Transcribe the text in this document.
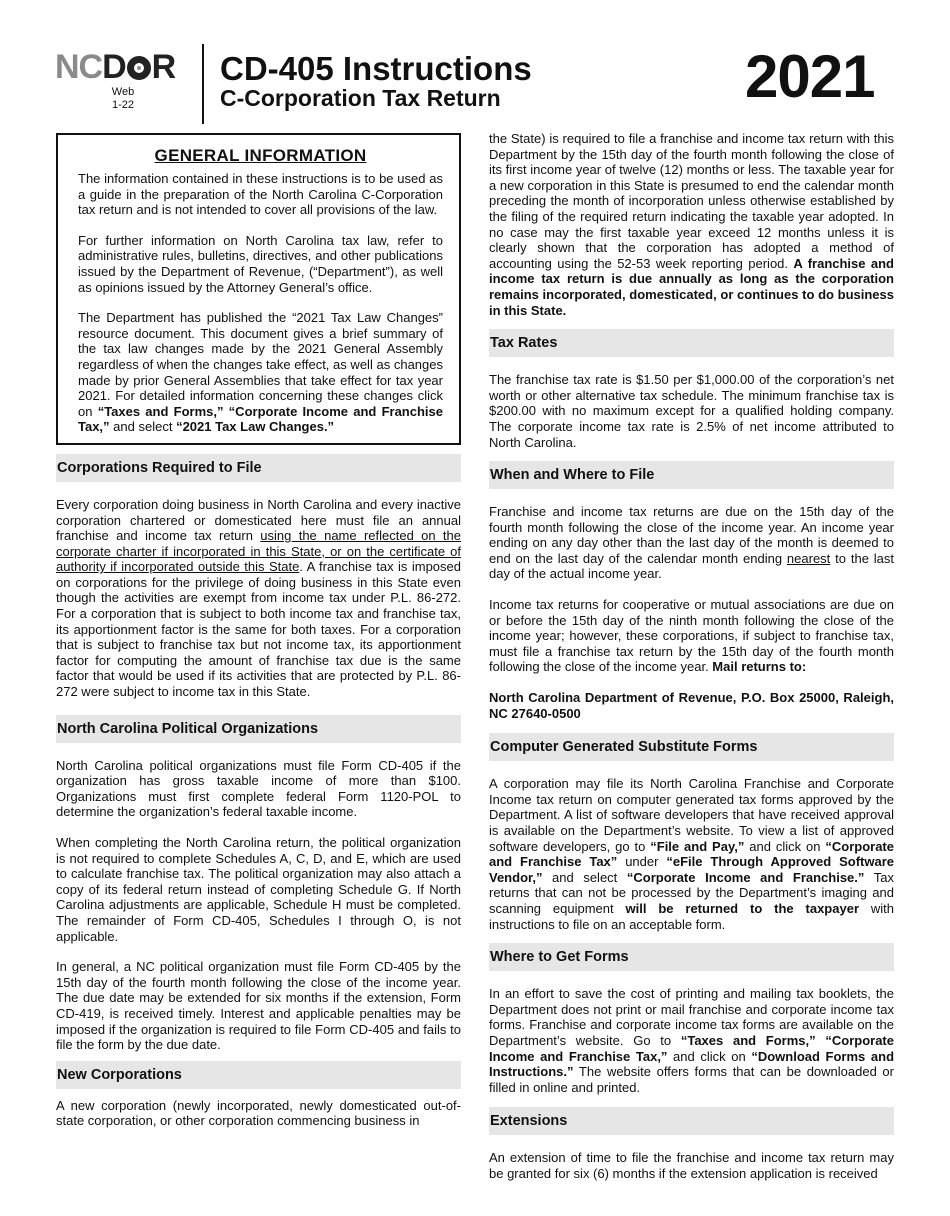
NCD R
Web
1-22
CD-405 Instructions
C-Corporation Tax Return	2021
GENERAL INFORMATION

The information contained in these instructions is to be used as a guide in the preparation of the North Carolina C-Corporation tax return and is not intended to cover all provisions of the law.

For further information on North Carolina tax law, refer to administrative rules, bulletins, directives, and other publications issued by the Department of Revenue, (“Department”), as well as opinions issued by the Attorney General’s office.

The Department has published the “2021 Tax Law Changes” resource document. This document gives a brief summary of the tax law changes made by the 2021 General Assembly regardless of when the changes take effect, as well as changes made by prior General Assemblies that take effect for tax year 2021. For detailed information concerning these changes click on “Taxes and Forms,” “Corporate Income and Franchise Tax,” and select “2021 Tax Law Changes.”

Corporations Required to File

Every corporation doing business in North Carolina and every inactive corporation chartered or domesticated here must file an annual franchise and income tax return using the name reflected on the corporate charter if incorporated in this State, or on the certificate of authority if incorporated outside this State. A franchise tax is imposed on corporations for the privilege of doing business in this State even though the activities are exempt from income tax under P.L. 86-272. For a corporation that is subject to both income tax and franchise tax, its apportionment factor is the same for both taxes. For a corporation that is subject to franchise tax but not income tax, its apportionment factor for computing the amount of franchise tax due is the same factor that would be used if its activities that are protected by P.L. 86-272 were subject to income tax in this State.

North Carolina Political Organizations

North Carolina political organizations must file Form CD-405 if the organization has gross taxable income of more than $100. Organizations must first complete federal Form 1120-POL to determine the organization’s federal taxable income.

When completing the North Carolina return, the political organization is not required to complete Schedules A, C, D, and E, which are used to calculate franchise tax. The political organization may also attach a copy of its federal return instead of completing Schedule G. If North Carolina adjustments are applicable, Schedule H must be completed. The remainder of Form CD-405, Schedules I through O, is not applicable.

In general, a NC political organization must file Form CD-405 by the 15th day of the fourth month following the close of the income year. The due date may be extended for six months if the extension, Form CD-419, is received timely. Interest and applicable penalties may be imposed if the organization is required to file Form CD-405 and fails to file the form by the due date.

New Corporations

A new corporation (newly incorporated, newly domesticated out-of-state corporation, or other corporation commencing business in

the State) is required to file a franchise and income tax return with this Department by the 15th day of the fourth month following the close of its first income year of twelve (12) months or less. The taxable year for a new corporation in this State is presumed to end the calendar month preceding the month of incorporation unless otherwise established by the filing of the required return indicating the taxable year adopted. In no case may the first taxable year exceed 12 months unless it is clearly shown that the corporation has adopted a method of accounting using the 52-53 week reporting period. A franchise and income tax return is due annually as long as the corporation remains incorporated, domesticated, or continues to do business in this State.

Tax Rates

The franchise tax rate is $1.50 per $1,000.00 of the corporation’s net worth or other alternative tax schedule. The minimum franchise tax is $200.00 with no maximum except for a qualified holding company. The corporate income tax rate is 2.5% of net income attributed to North Carolina.

When and Where to File

Franchise and income tax returns are due on the 15th day of the fourth month following the close of the income year. An income year ending on any day other than the last day of the month is deemed to end on the last day of the calendar month ending nearest to the last day of the actual income year.

Income tax returns for cooperative or mutual associations are due on or before the 15th day of the ninth month following the close of the income year; however, these corporations, if subject to franchise tax, must file a franchise tax return by the 15th day of the fourth month following the close of the income year. Mail returns to:

North Carolina Department of Revenue, P.O. Box 25000, Raleigh, NC 27640-0500

Computer Generated Substitute Forms

A corporation may file its North Carolina Franchise and Corporate Income tax return on computer generated tax forms approved by the Department. A list of software developers that have received approval is available on the Department’s website. To view a list of approved software developers, go to “File and Pay,” and click on “Corporate and Franchise Tax” under “eFile Through Approved Software Vendor,” and select “Corporate Income and Franchise.” Tax returns that can not be processed by the Department’s imaging and scanning equipment will be returned to the taxpayer with instructions to file on an acceptable form.

Where to Get Forms

In an effort to save the cost of printing and mailing tax booklets, the Department does not print or mail franchise and corporate income tax forms. Franchise and corporate income tax forms are available on the Department’s website. Go to “Taxes and Forms,” “Corporate Income and Franchise Tax,” and click on “Download Forms and Instructions.” The website offers forms that can be downloaded or filled in online and printed.

Extensions

An extension of time to file the franchise and income tax return may be granted for six (6) months if the extension application is received
